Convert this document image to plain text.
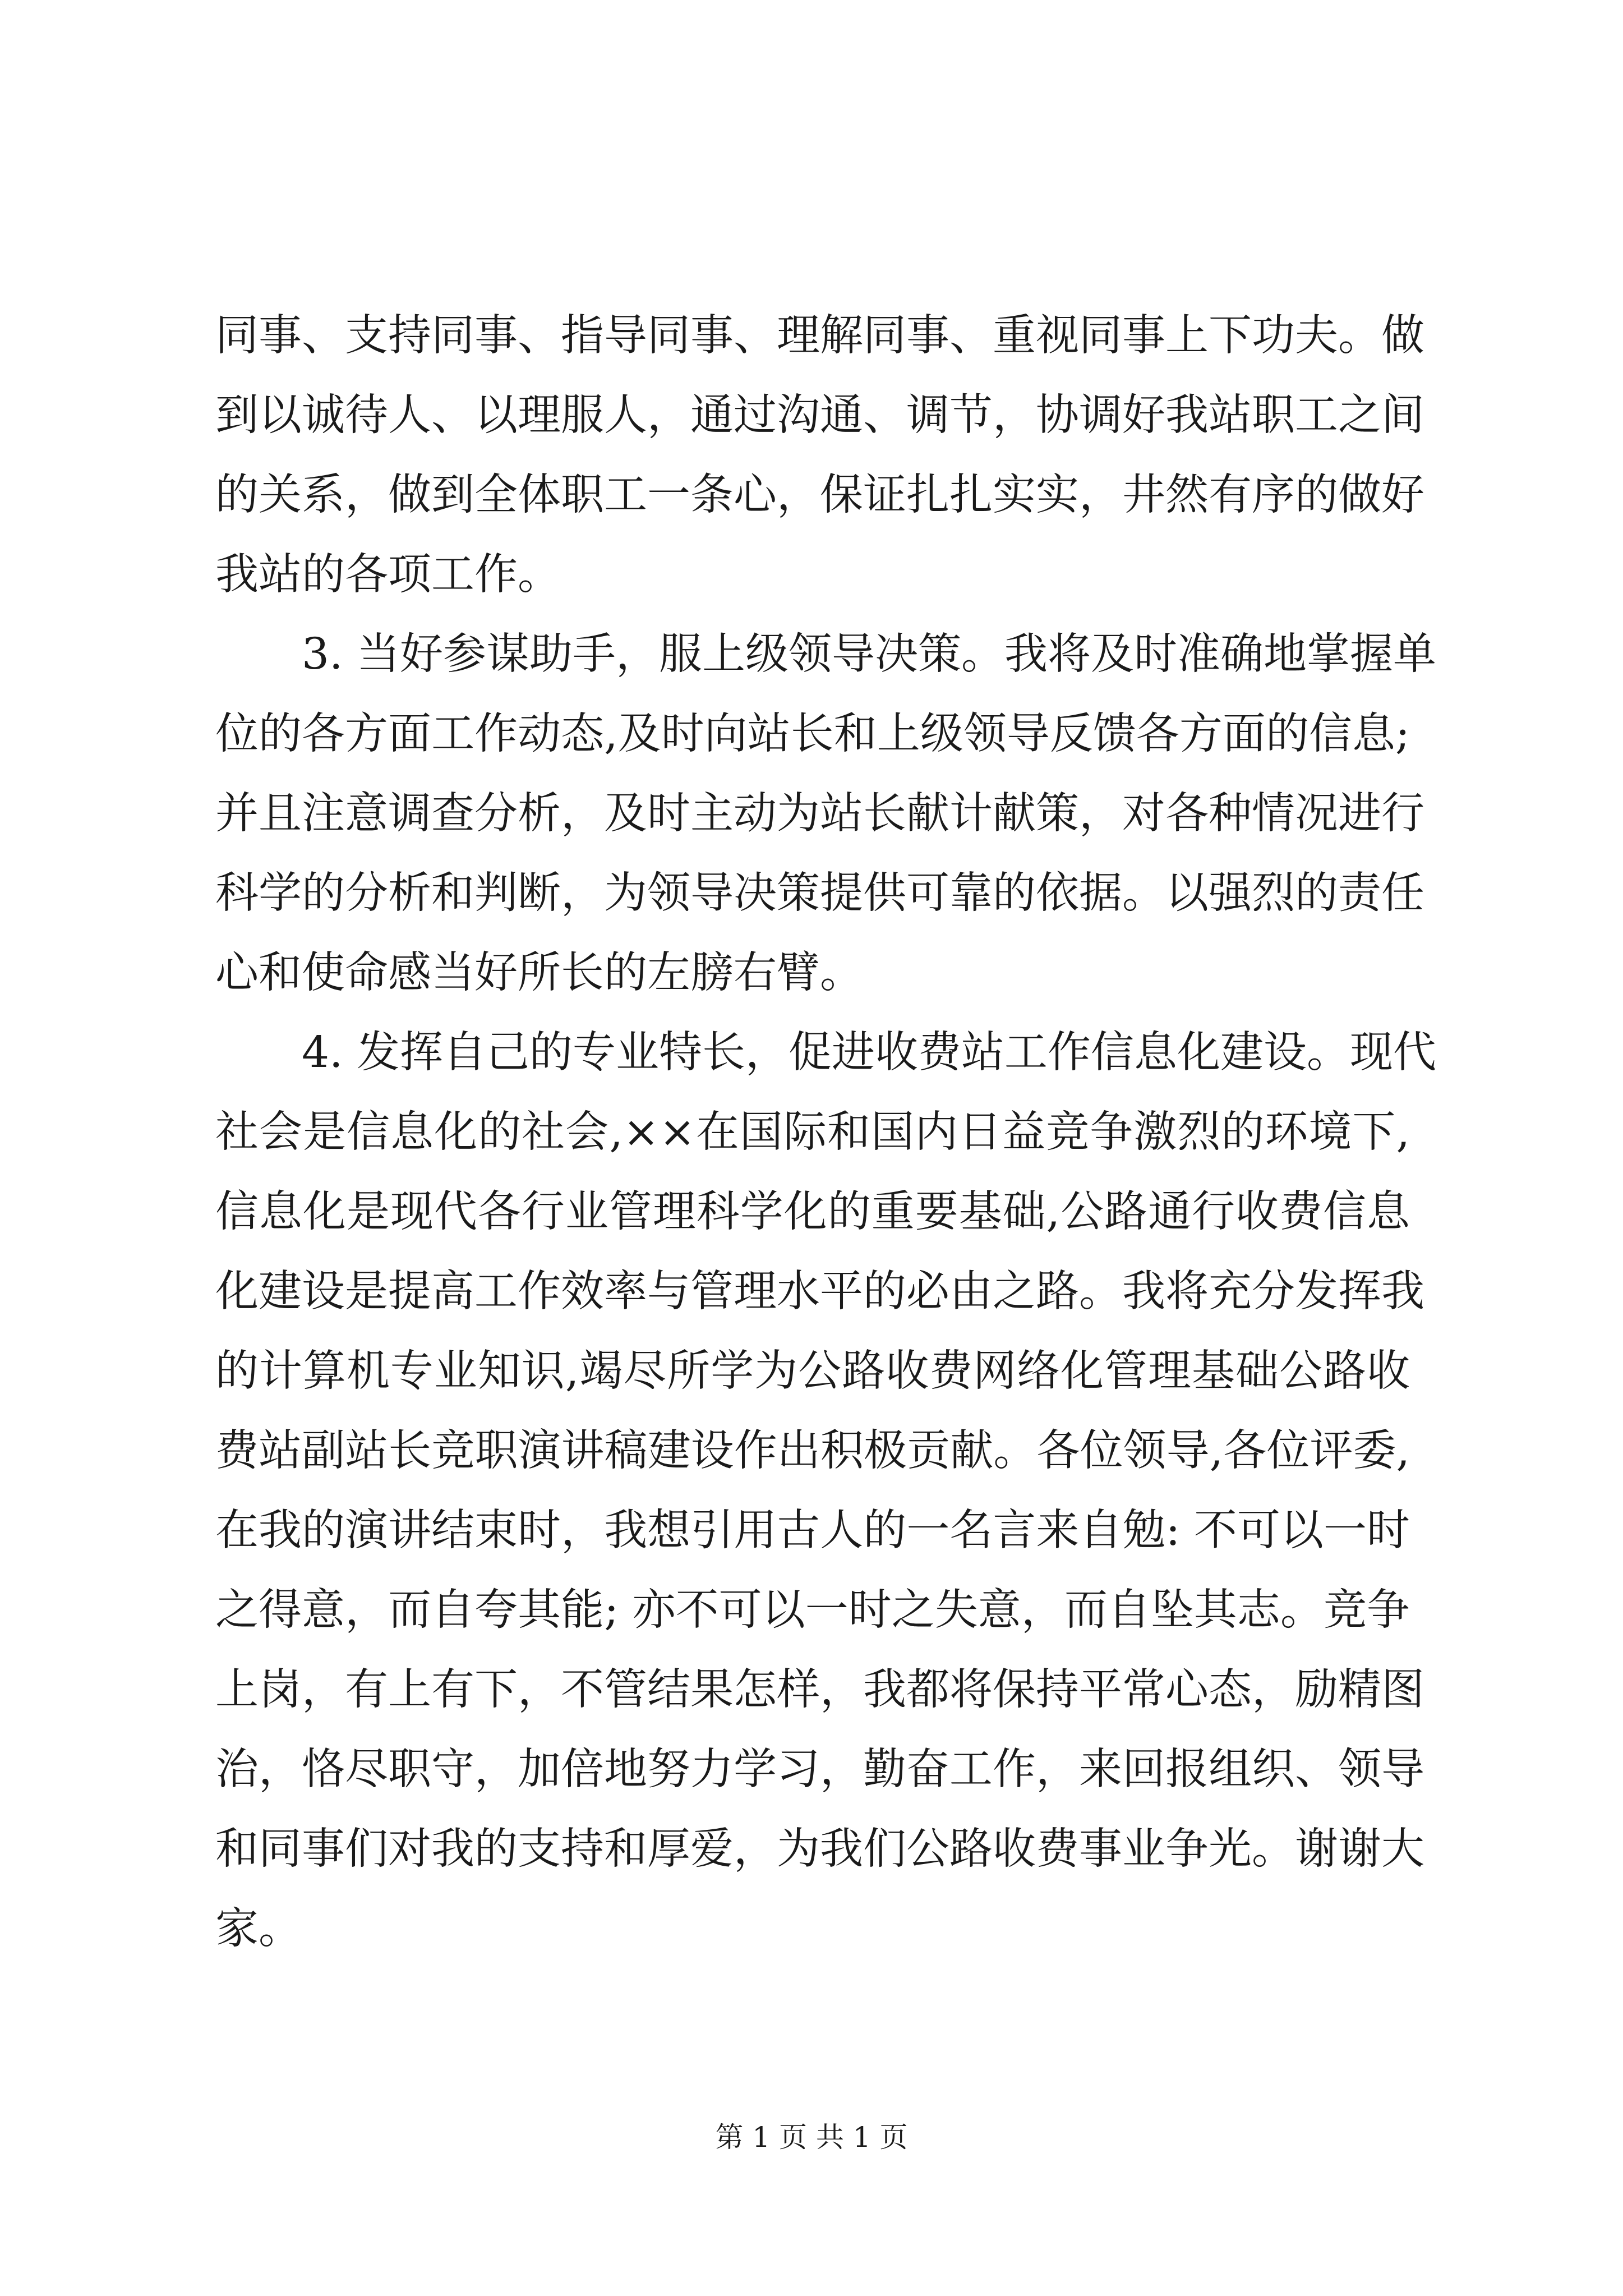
同事、支持同事、指导同事、理解同事、重视同事上下功夫。做
到以诚待人、以理服人，通过沟通、调节，协调好我站职工之间
的关系，做到全体职工一条心，保证扎扎实实，井然有序的做好
我站的各项工作。
3. 当好参谋助手，服上级领导决策。我将及时准确地掌握单
位的各方面工作动态,及时向站长和上级领导反馈各方面的信息;
并且注意调查分析，及时主动为站长献计献策，对各种情况进行
科学的分析和判断，为领导决策提供可靠的依据。以强烈的责任
心和使命感当好所长的左膀右臂。
4. 发挥自己的专业特长，促进收费站工作信息化建设。现代
社会是信息化的社会,××在国际和国内日益竞争激烈的环境下,
信息化是现代各行业管理科学化的重要基础,公路通行收费信息
化建设是提高工作效率与管理水平的必由之路。我将充分发挥我
的计算机专业知识,竭尽所学为公路收费网络化管理基础公路收
费站副站长竞职演讲稿建设作出积极贡献。各位领导,各位评委,
在我的演讲结束时，我想引用古人的一名言来自勉: 不可以一时
之得意，而自夸其能; 亦不可以一时之失意，而自坠其志。竞争
上岗，有上有下，不管结果怎样，我都将保持平常心态，励精图
治，恪尽职守，加倍地努力学习，勤奋工作，来回报组织、领导
和同事们对我的支持和厚爱，为我们公路收费事业争光。谢谢大
家。
第 1 页 共 1 页
